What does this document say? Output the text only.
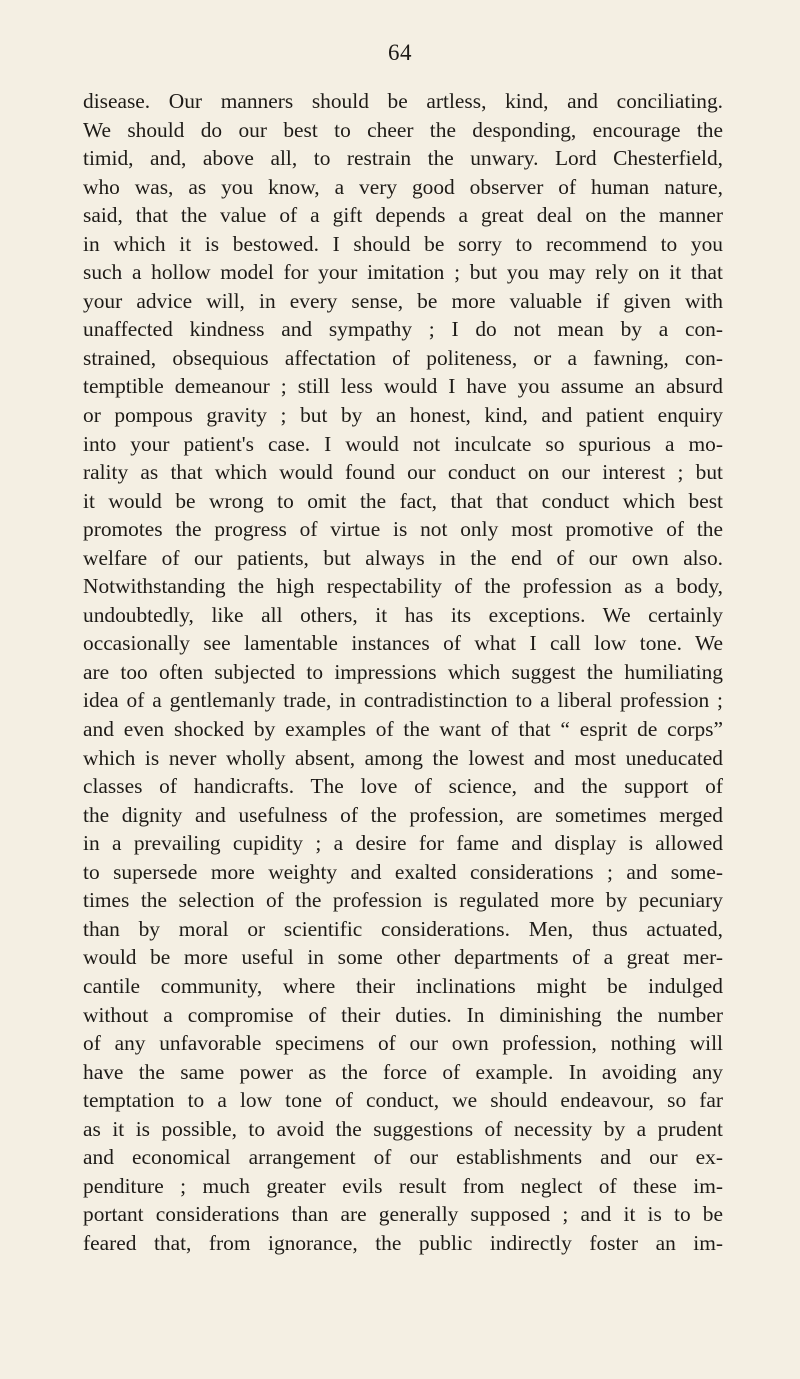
64
disease. Our manners should be artless, kind, and conciliating.
We should do our best to cheer the desponding, encourage the
timid, and, above all, to restrain the unwary. Lord Chesterfield,
who was, as you know, a very good observer of human nature,
said, that the value of a gift depends a great deal on the manner
in which it is bestowed. I should be sorry to recommend to you
such a hollow model for your imitation ; but you may rely on it that
your advice will, in every sense, be more valuable if given with
unaffected kindness and sympathy ; I do not mean by a con-
strained, obsequious affectation of politeness, or a fawning, con-
temptible demeanour ; still less would I have you assume an absurd
or pompous gravity ; but by an honest, kind, and patient enquiry
into your patient's case. I would not inculcate so spurious a mo-
rality as that which would found our conduct on our interest ; but
it would be wrong to omit the fact, that that conduct which best
promotes the progress of virtue is not only most promotive of the
welfare of our patients, but always in the end of our own also.
Notwithstanding the high respectability of the profession as a body,
undoubtedly, like all others, it has its exceptions. We certainly
occasionally see lamentable instances of what I call low tone. We
are too often subjected to impressions which suggest the humiliating
idea of a gentlemanly trade, in contradistinction to a liberal profession ;
and even shocked by examples of the want of that “ esprit de corps”
which is never wholly absent, among the lowest and most uneducated
classes of handicrafts. The love of science, and the support of
the dignity and usefulness of the profession, are sometimes merged
in a prevailing cupidity ; a desire for fame and display is allowed
to supersede more weighty and exalted considerations ; and some-
times the selection of the profession is regulated more by pecuniary
than by moral or scientific considerations. Men, thus actuated,
would be more useful in some other departments of a great mer-
cantile community, where their inclinations might be indulged
without a compromise of their duties. In diminishing the number
of any unfavorable specimens of our own profession, nothing will
have the same power as the force of example. In avoiding any
temptation to a low tone of conduct, we should endeavour, so far
as it is possible, to avoid the suggestions of necessity by a prudent
and economical arrangement of our establishments and our ex-
penditure ; much greater evils result from neglect of these im-
portant considerations than are generally supposed ; and it is to be
feared that, from ignorance, the public indirectly foster an im-
